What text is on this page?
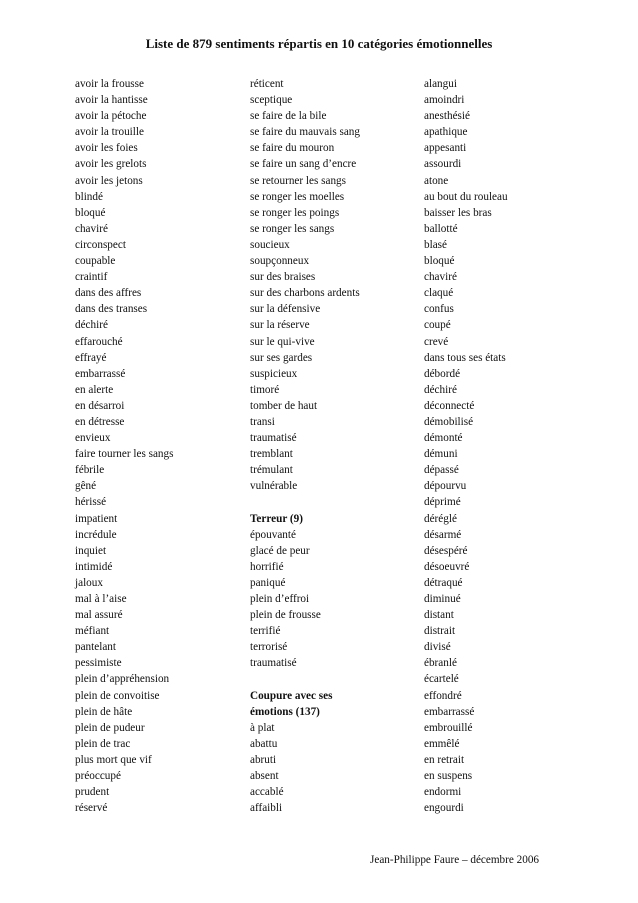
Liste de 879 sentiments répartis en 10 catégories émotionnelles
avoir la frousse
avoir la hantisse
avoir la pétoche
avoir la trouille
avoir les foies
avoir les grelots
avoir les jetons
blindé
bloqué
chaviré
circonspect
coupable
craintif
dans des affres
dans des transes
déchiré
effarouché
effrayé
embarrassé
en alerte
en désarroi
en détresse
envieux
faire tourner les sangs
fébrile
gêné
hérissé
impatient
incrédule
inquiet
intimidé
jaloux
mal à l’aise
mal assuré
méfiant
pantelant
pessimiste
plein d’appréhension
plein de convoitise
plein de hâte
plein de pudeur
plein de trac
plus mort que vif
préoccupé
prudent
réservé
réticent
sceptique
se faire de la bile
se faire du mauvais sang
se faire du mouron
se faire un sang d’encre
se retourner les sangs
se ronger les moelles
se ronger les poings
se ronger les sangs
soucieux
soupçonneux
sur des braises
sur des charbons ardents
sur la défensive
sur la réserve
sur le qui-vive
sur ses gardes
suspicieux
timoré
tomber de haut
transi
traumatisé
tremblant
trémulant
vulnérable
Terreur (9)
épouvanté
glacé de peur
horrifié
paniqué
plein d’effroi
plein de frousse
terrifié
terrorisé
traumatisé
Coupure avec ses
émotions (137)
à plat
abattu
abruti
absent
accablé
affaibli
alangui
amoindri
anesthésié
apathique
appesanti
assourdi
atone
au bout du rouleau
baisser les bras
ballotté
blasé
bloqué
chaviré
claqué
confus
coupé
crevé
dans tous ses états
débordé
déchiré
déconnecté
démobilisé
démonté
démuni
dépassé
dépourvu
déprimé
déréglé
désarmé
désespéré
désoeuvré
détraqué
diminué
distant
distrait
divisé
ébranlé
écartelé
effondré
embarrassé
embrouillé
emmêlé
en retrait
en suspens
endormi
engourdi
Jean-Philippe Faure – décembre 2006
